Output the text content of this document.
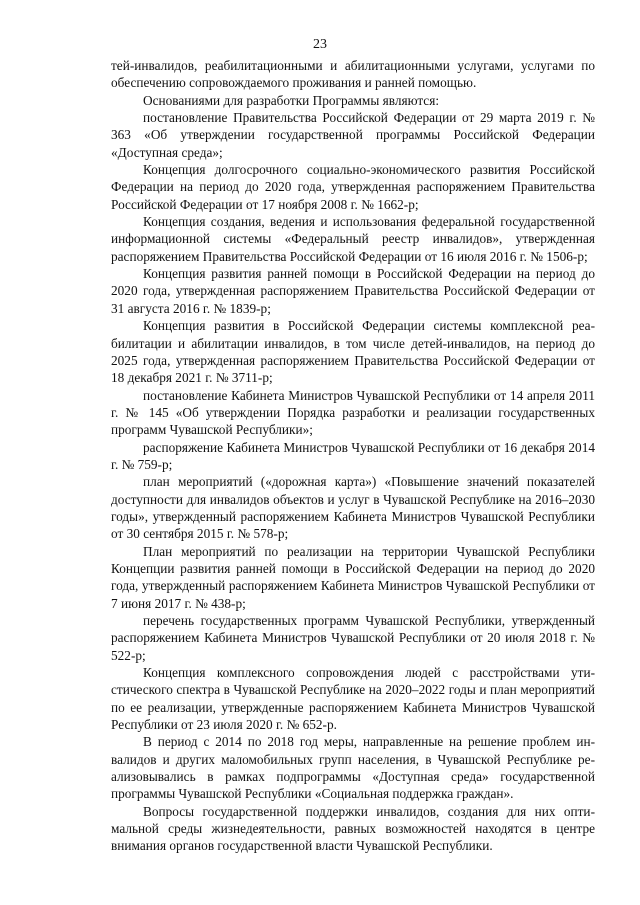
23

тей-инвалидов, реабилитационными и абилитационными услугами, услугами по обеспечению сопровождаемого проживания и ранней помощью.

Основаниями для разработки Программы являются:

постановление Правительства Российской Федерации от 29 марта 2019 г. № 363 «Об утверждении государственной программы Российской Федерации «Доступная среда»;

Концепция долгосрочного социально-экономического развития Российской Федерации на период до 2020 года, утвержденная распоряжением Правительства Российской Федерации от 17 ноября 2008 г. № 1662-р;

Концепция создания, ведения и использования федеральной государственной информационной системы «Федеральный реестр инвалидов», утвержденная распоряжением Правительства Российской Федерации от 16 июля 2016 г. № 1506-р;

Концепция развития ранней помощи в Российской Федерации на период до 2020 года, утвержденная распоряжением Правительства Российской Федерации от 31 августа 2016 г. № 1839-р;

Концепция развития в Российской Федерации системы комплексной реабилитации и абилитации инвалидов, в том числе детей-инвалидов, на период до 2025 года, утвержденная распоряжением Правительства Российской Федерации от 18 декабря 2021 г. № 3711-р;

постановление Кабинета Министров Чувашской Республики от 14 апреля 2011 г. № 145 «Об утверждении Порядка разработки и реализации государственных программ Чувашской Республики»;

распоряжение Кабинета Министров Чувашской Республики от 16 декабря 2014 г. № 759-р;

план мероприятий («дорожная карта») «Повышение значений показателей доступности для инвалидов объектов и услуг в Чувашской Республике на 2016–2030 годы», утвержденный распоряжением Кабинета Министров Чувашской Республики от 30 сентября 2015 г. № 578-р;

План мероприятий по реализации на территории Чувашской Республики Концепции развития ранней помощи в Российской Федерации на период до 2020 года, утвержденный распоряжением Кабинета Министров Чувашской Республики от 7 июня 2017 г. № 438-р;

перечень государственных программ Чувашской Республики, утвержденный распоряжением Кабинета Министров Чувашской Республики от 20 июля 2018 г. № 522-р;

Концепция комплексного сопровождения людей с расстройствами утистического спектра в Чувашской Республике на 2020–2022 годы и план мероприятий по ее реализации, утвержденные распоряжением Кабинета Министров Чувашской Республики от 23 июля 2020 г. № 652-р.

В период с 2014 по 2018 год меры, направленные на решение проблем инвалидов и других маломобильных групп населения, в Чувашской Республике реализовывались в рамках подпрограммы «Доступная среда» государственной программы Чувашской Республики «Социальная поддержка граждан».

Вопросы государственной поддержки инвалидов, создания для них оптимальной среды жизнедеятельности, равных возможностей находятся в центре внимания органов государственной власти Чувашской Республики.
